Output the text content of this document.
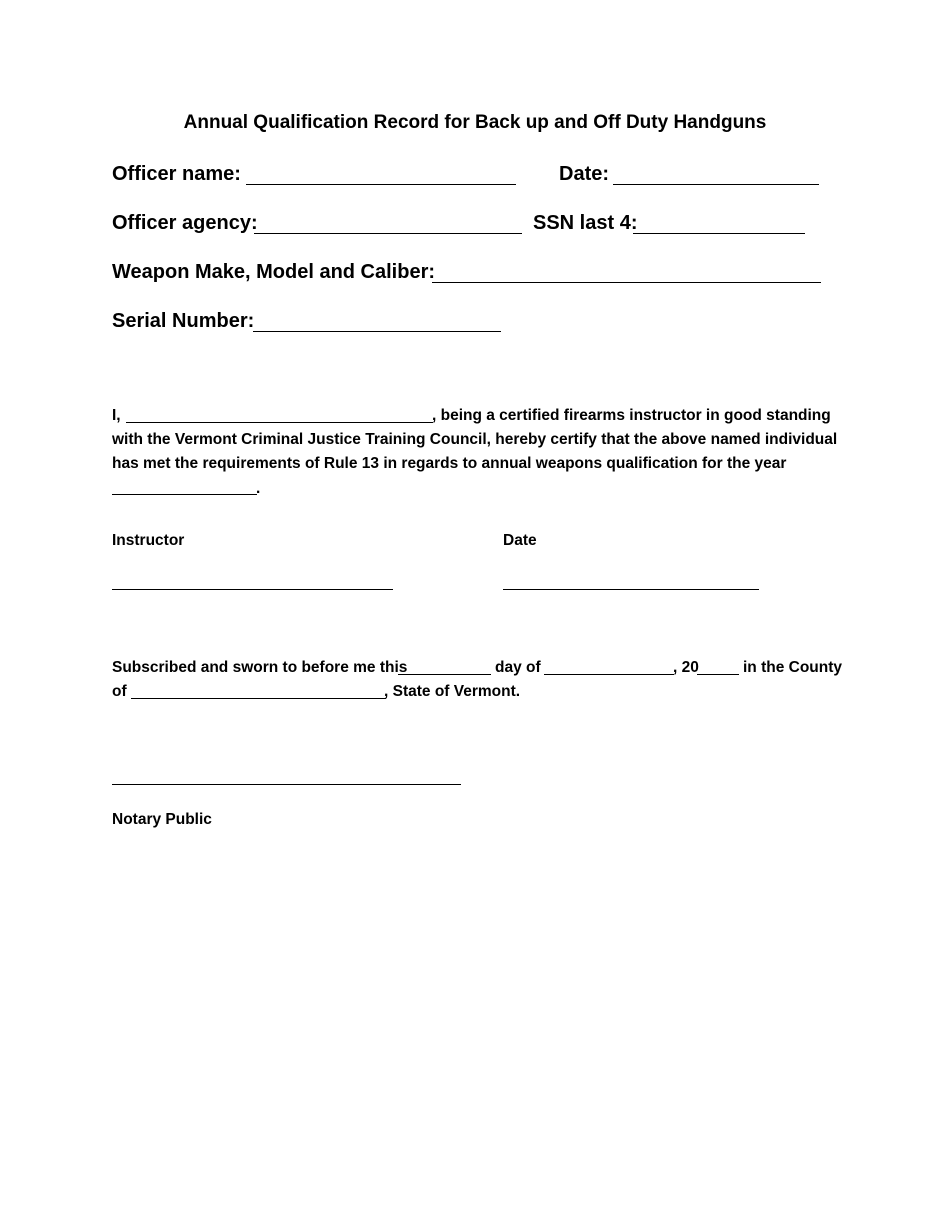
Annual Qualification Record for Back up and Off Duty Handguns
Officer name:	Date:
Officer agency:	SSN last 4:
Weapon Make, Model and Caliber:
Serial Number:
I,	, being a certified firearms instructor in good standing
with the Vermont Criminal Justice Training Council, hereby certify that the above named individual
has met the requirements of Rule 13 in regards to annual weapons qualification for the year
.
Instructor	Date
Subscribed and sworn to before me this	day of	, 20	in the County
of	, State of Vermont.
Notary Public
